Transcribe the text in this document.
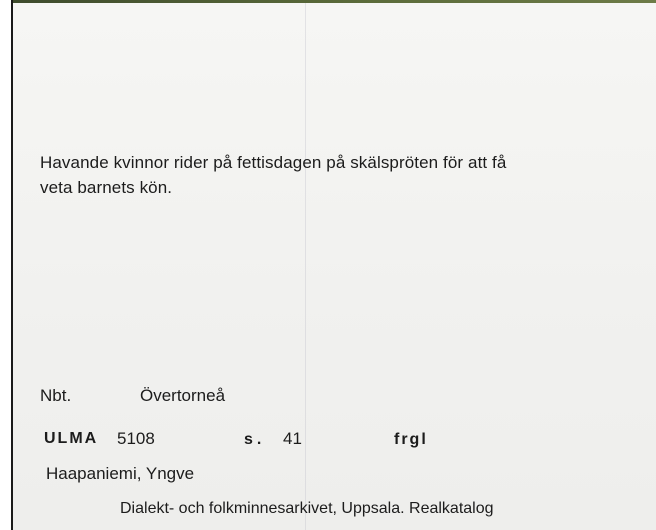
Havande kvinnor rider på fettisdagen på skälspröten för att få
veta barnets kön.
Nbt.	Övertorneå
ULMA 5108	s. 41	frgl
Haapaniemi, Yngve
Dialekt- och folkminnesarkivet, Uppsala. Realkatalog
